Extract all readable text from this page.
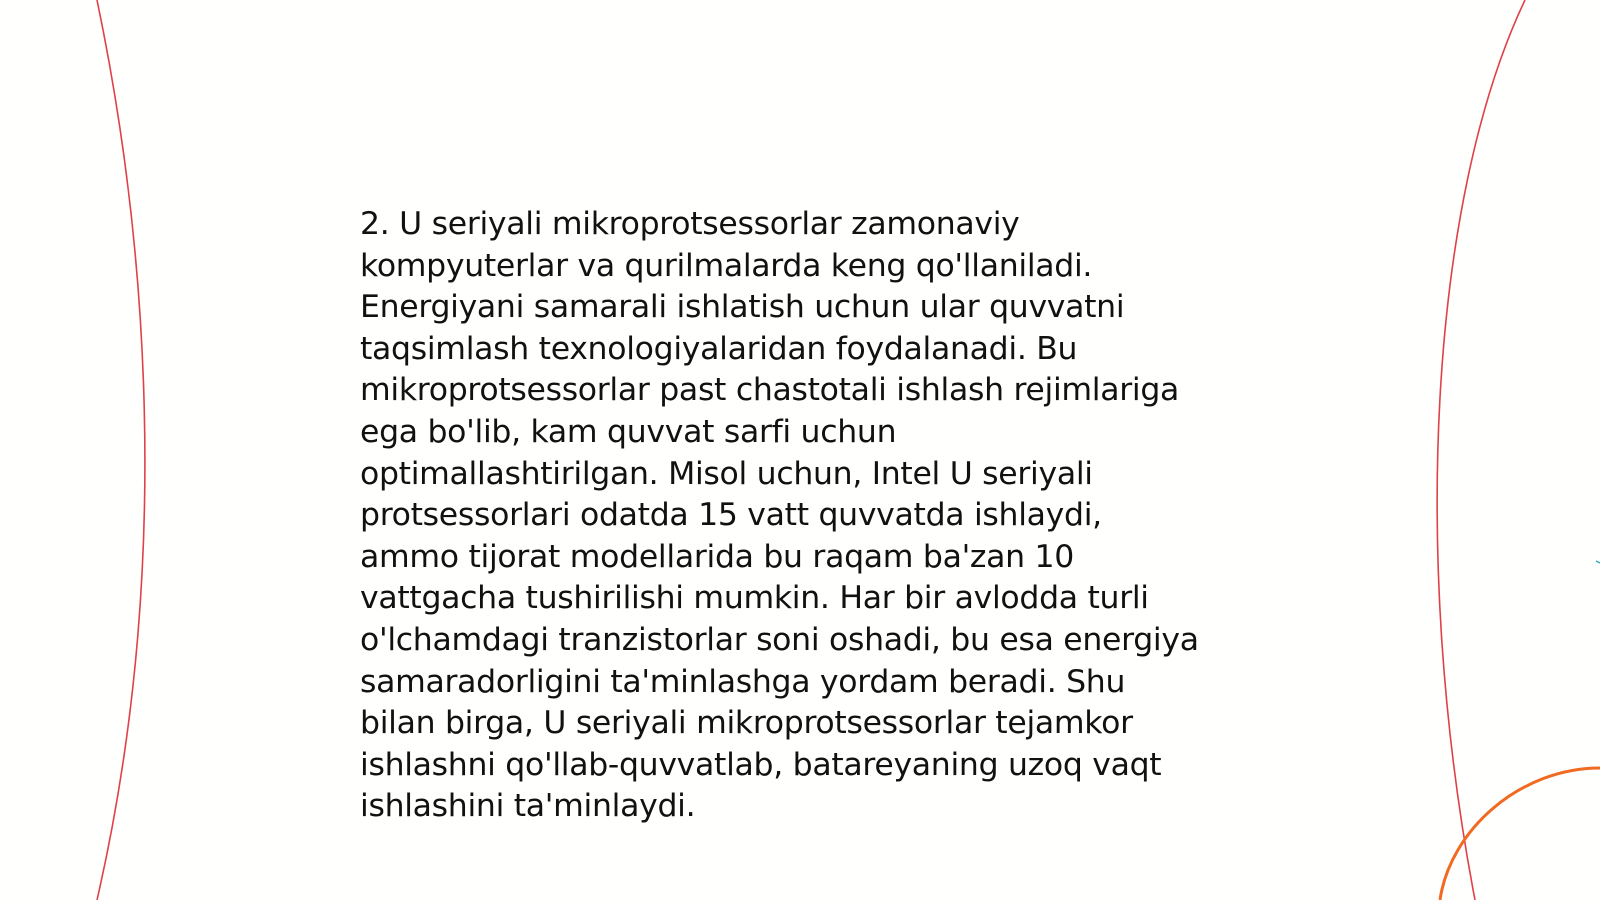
2. U seriyali mikroprotsessorlar zamonaviy
kompyuterlar va qurilmalarda keng qo'llaniladi.
Energiyani samarali ishlatish uchun ular quvvatni
taqsimlash texnologiyalaridan foydalanadi. Bu
mikroprotsessorlar past chastotali ishlash rejimlariga
ega bo'lib, kam quvvat sarfi uchun
optimallashtirilgan. Misol uchun, Intel U seriyali
protsessorlari odatda 15 vatt quvvatda ishlaydi,
ammo tijorat modellarida bu raqam ba'zan 10
vattgacha tushirilishi mumkin. Har bir avlodda turli
o'lchamdagi tranzistorlar soni oshadi, bu esa energiya
samaradorligini ta'minlashga yordam beradi. Shu
bilan birga, U seriyali mikroprotsessorlar tejamkor
ishlashni qo'llab-quvvatlab, batareyaning uzoq vaqt
ishlashini ta'minlaydi.
